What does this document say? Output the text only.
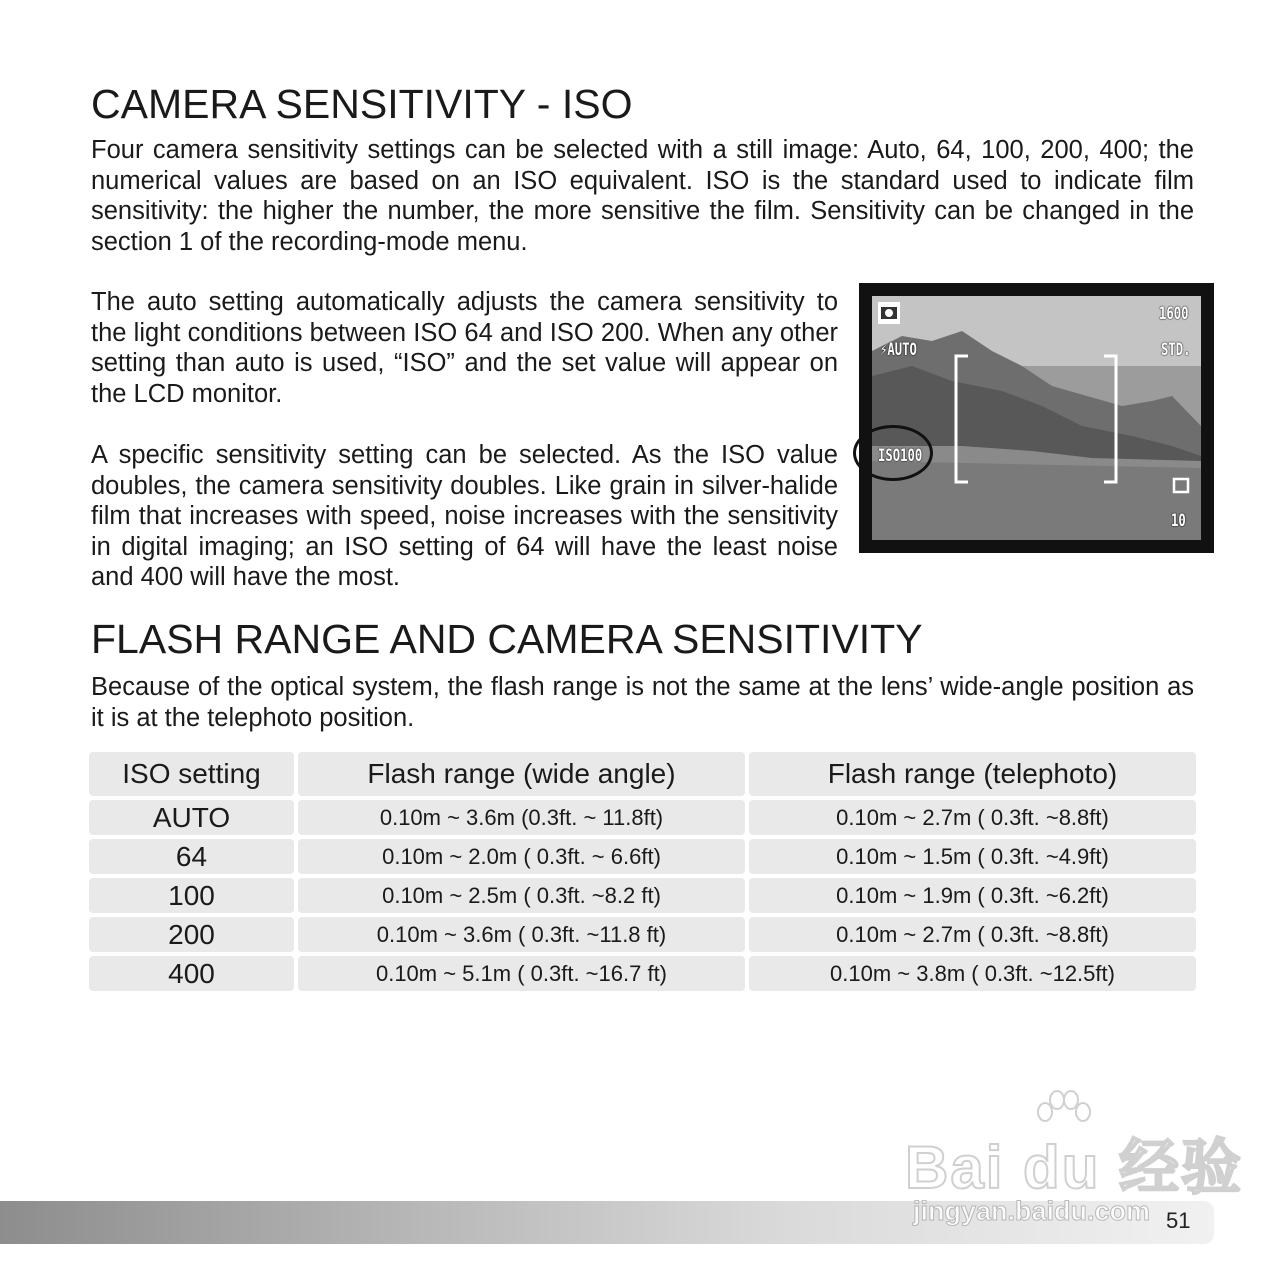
CAMERA SENSITIVITY - ISO

Four camera sensitivity settings can be selected with a still image: Auto, 64, 100, 200, 400; the numerical values are based on an ISO equivalent. ISO is the standard used to indicate film sensitivity: the higher the number, the more sensitive the film. Sensitivity can be changed in the section 1 of the recording-mode menu.

The auto setting automatically adjusts the camera sensitivity to the light conditions between ISO 64 and ISO 200. When any other setting than auto is used, “ISO” and the set value will appear on the LCD monitor.

A specific sensitivity setting can be selected. As the ISO value doubles, the camera sensitivity doubles. Like grain in silver-halide film that increases with speed, noise increases with the sensitivity in digital imaging; an ISO setting of 64 will have the least noise and 400 will have the most.

⚡AUTO
1600
STD.
ISO100
10
FLASH RANGE AND CAMERA SENSITIVITY

Because of the optical system, the flash range is not the same at the lens’ wide-angle position as it is at the telephoto position.

ISO setting	Flash range (wide angle)	Flash range (telephoto)
AUTO	0.10m ~ 3.6m (0.3ft. ~ 11.8ft)	0.10m ~ 2.7m ( 0.3ft. ~8.8ft)
64	0.10m ~ 2.0m ( 0.3ft. ~ 6.6ft)	0.10m ~ 1.5m ( 0.3ft. ~4.9ft)
100	0.10m ~ 2.5m ( 0.3ft. ~8.2 ft)	0.10m ~ 1.9m ( 0.3ft. ~6.2ft)
200	0.10m ~ 3.6m ( 0.3ft. ~11.8 ft)	0.10m ~ 2.7m ( 0.3ft. ~8.8ft)
400	0.10m ~ 5.1m ( 0.3ft. ~16.7 ft)	0.10m ~ 3.8m ( 0.3ft. ~12.5ft)
51
Bai du 经验
jingyan.baidu.com
